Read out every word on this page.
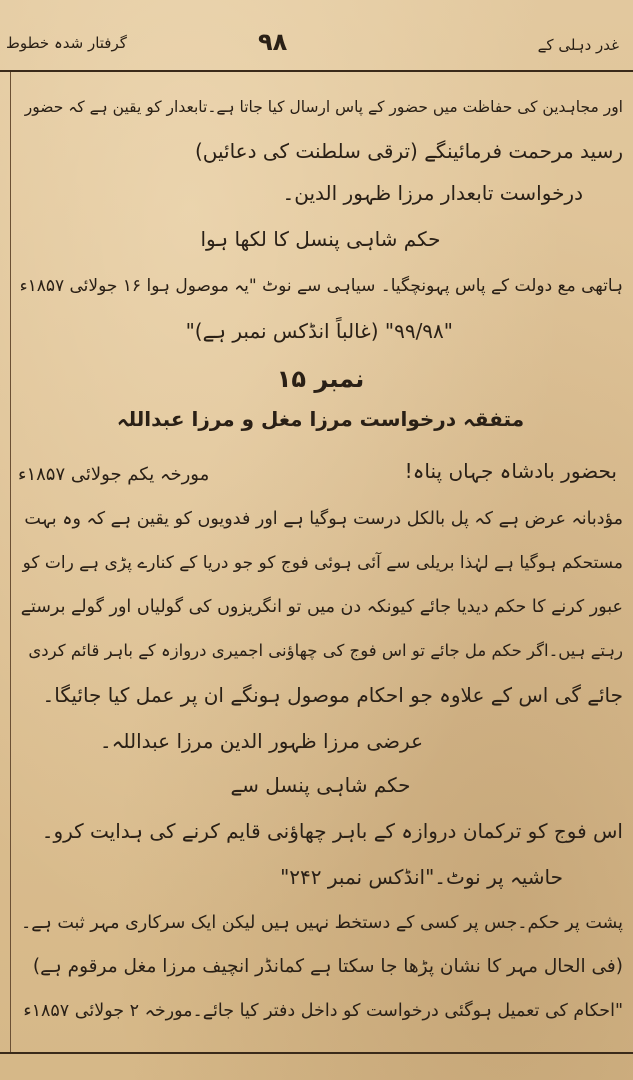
گرفتار شدہ خطوط	۹۸	غدر دہلی کے
اور مجاہدین کی حفاظت میں حضور کے پاس ارسال کیا جاتا ہے۔تابعدار کو یقین ہے کہ حضور
رسید مرحمت فرمائینگے (ترقی سلطنت کی دعائیں)
درخواست تابعدار مرزا ظہور الدین۔
حکم شاہی پنسل کا لکھا ہوا
ہاتھی مع دولت کے پاس پہونچگیا۔ سیاہی سے نوٹ "یہ موصول ہوا ۱۶ جولائی ۱۸۵۷ء
"۹۹/۹۸" (غالباً انڈکس نمبر ہے)"
نمبر ۱۵
متفقہ درخواست مرزا مغل و مرزا عبداللہ
بحضور بادشاہ جہاں پناہ!
مورخہ یکم جولائی ۱۸۵۷ء
مؤدبانہ عرض ہے کہ پل بالکل درست ہوگیا ہے اور فدویوں کو یقین ہے کہ وہ بہت
مستحکم ہوگیا ہے لہٰذا بریلی سے آئی ہوئی فوج کو جو دریا کے کنارے پڑی ہے رات کو
عبور کرنے کا حکم دیدیا جائے کیونکہ دن میں تو انگریزوں کی گولیاں اور گولے برستے
رہتے ہیں۔اگر حکم مل جائے تو اس فوج کی چھاؤنی اجمیری دروازہ کے باہر قائم کردی
جائے گی اس کے علاوہ جو احکام موصول ہونگے ان پر عمل کیا جائیگا۔
عرضی مرزا ظہور الدین مرزا عبداللہ۔
حکم شاہی پنسل سے
اس فوج کو ترکمان دروازہ کے باہر چھاؤنی قایم کرنے کی ہدایت کرو۔
حاشیہ پر نوٹ۔"انڈکس نمبر ۲۴۲"
پشت پر حکم۔جس پر کسی کے دستخط نہیں ہیں لیکن ایک سرکاری مہر ثبت ہے۔
(فی الحال مہر کا نشان پڑھا جا سکتا ہے کمانڈر انچیف مرزا مغل مرقوم ہے)
"احکام کی تعمیل ہوگئی درخواست کو داخل دفتر کیا جائے۔مورخہ ۲ جولائی ۱۸۵۷ء
